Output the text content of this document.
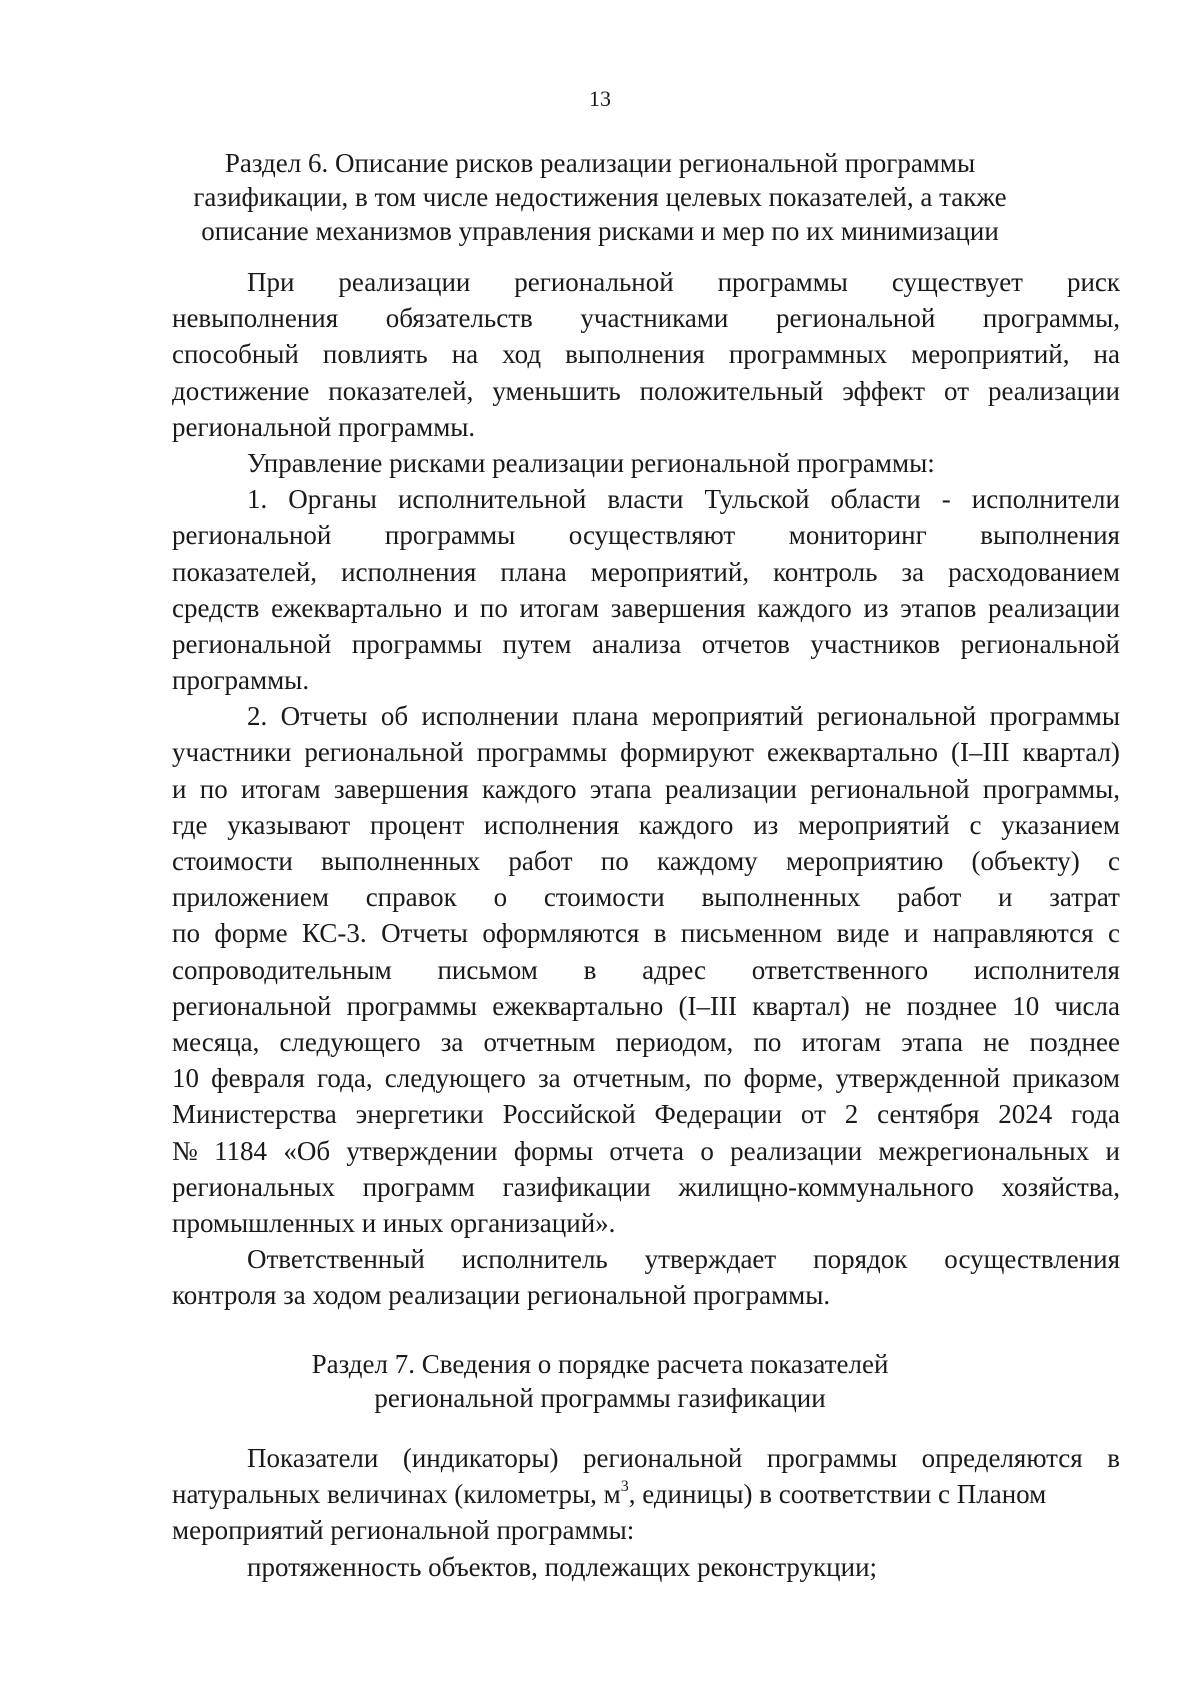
13
Раздел 6. Описание рисков реализации региональной программы
газификации, в том числе недостижения целевых показателей, а также
описание механизмов управления рисками и мер по их минимизации
При реализации региональной программы существует риск
невыполнения обязательств участниками региональной программы,
способный повлиять на ход выполнения программных мероприятий, на
достижение показателей, уменьшить положительный эффект от реализации
региональной программы.
Управление рисками реализации региональной программы:
1. Органы исполнительной власти Тульской области - исполнители
региональной программы осуществляют мониторинг выполнения
показателей, исполнения плана мероприятий, контроль за расходованием
средств ежеквартально и по итогам завершения каждого из этапов реализации
региональной программы путем анализа отчетов участников региональной
программы.
2. Отчеты об исполнении плана мероприятий региональной программы
участники региональной программы формируют ежеквартально (I–III квартал)
и по итогам завершения каждого этапа реализации региональной программы,
где указывают процент исполнения каждого из мероприятий с указанием
стоимости выполненных работ по каждому мероприятию (объекту) с
приложением справок о стоимости выполненных работ и затрат
по форме КС-3. Отчеты оформляются в письменном виде и направляются с
сопроводительным письмом в адрес ответственного исполнителя
региональной программы ежеквартально (I–III квартал) не позднее 10 числа
месяца, следующего за отчетным периодом, по итогам этапа не позднее
10 февраля года, следующего за отчетным, по форме, утвержденной приказом
Министерства энергетики Российской Федерации от 2 сентября 2024 года
№ 1184 «Об утверждении формы отчета о реализации межрегиональных и
региональных программ газификации жилищно-коммунального хозяйства,
промышленных и иных организаций».
Ответственный исполнитель утверждает порядок осуществления
контроля за ходом реализации региональной программы.
Раздел 7. Сведения о порядке расчета показателей
региональной программы газификации
Показатели (индикаторы) региональной программы определяются в
натуральных величинах (километры, $м^3$, единицы) в соответствии с Планом
мероприятий региональной программы:
протяженность объектов, подлежащих реконструкции;
